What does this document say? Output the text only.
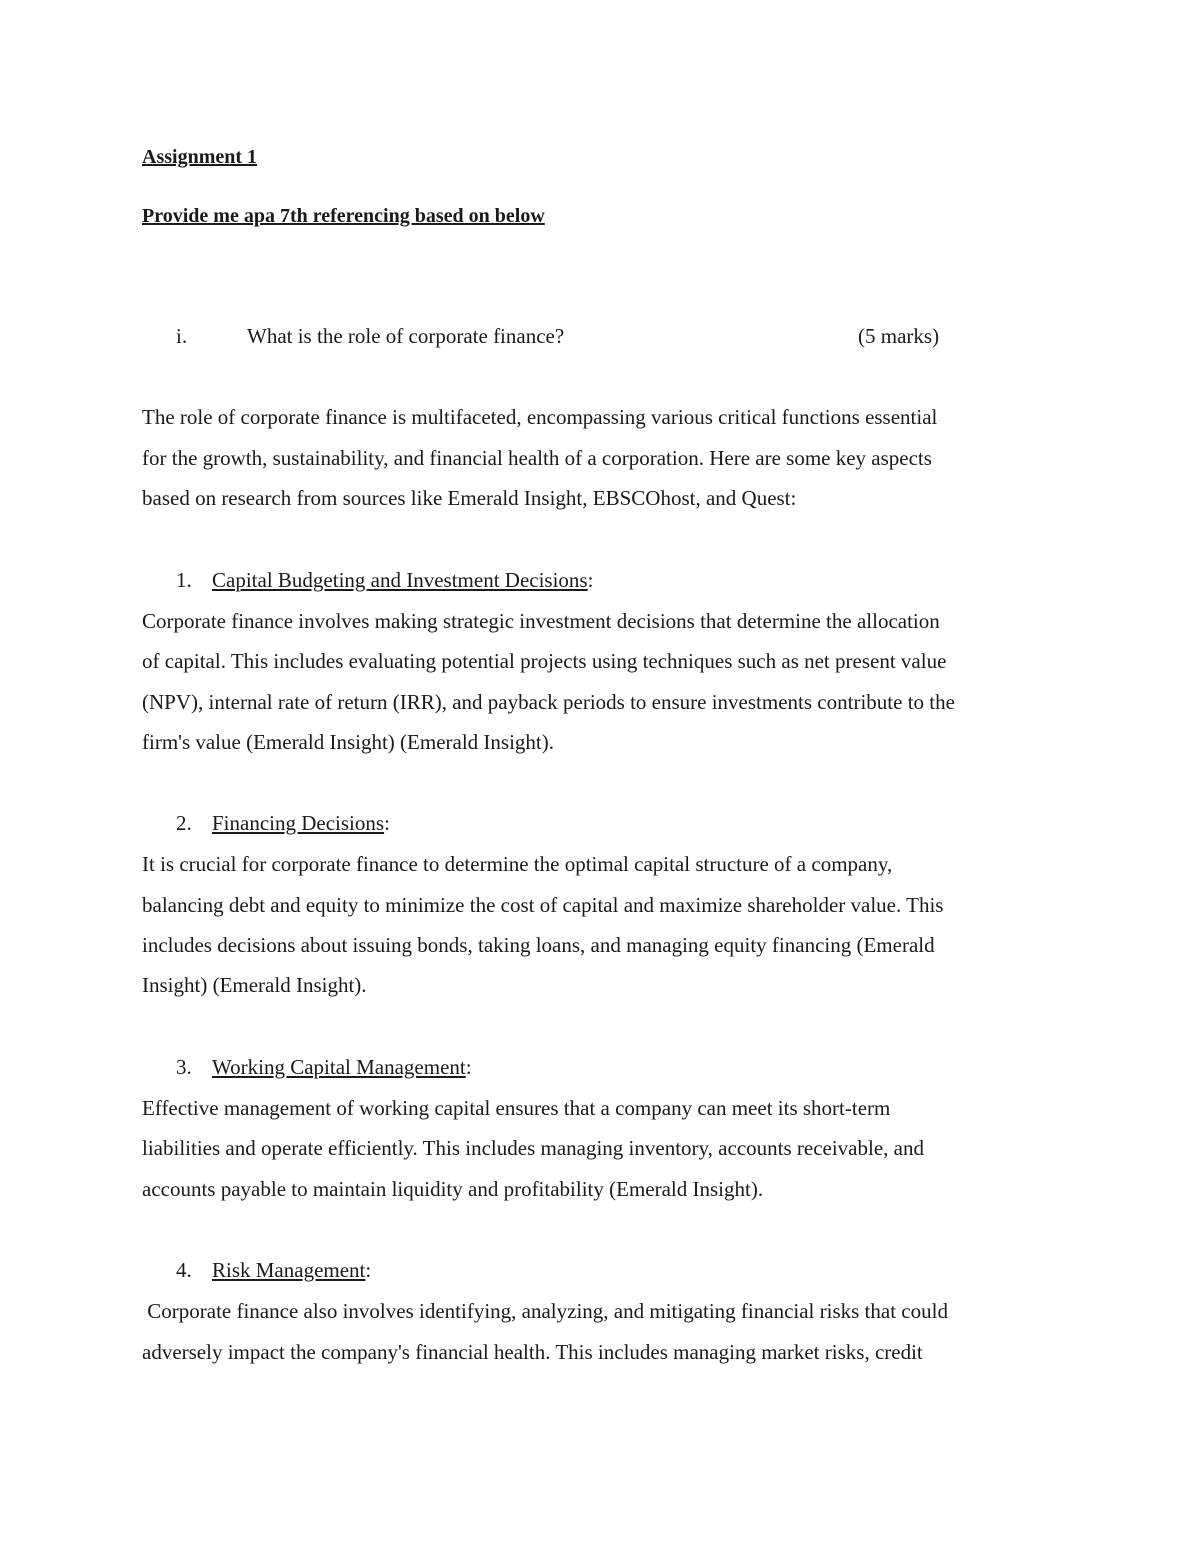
Assignment 1
Provide me apa 7th referencing based on below
i.	What is the role of corporate finance?	(5 marks)
The role of corporate finance is multifaceted, encompassing various critical functions essential
for the growth, sustainability, and financial health of a corporation. Here are some key aspects
based on research from sources like Emerald Insight, EBSCOhost, and Quest:
1. Capital Budgeting and Investment Decisions:
Corporate finance involves making strategic investment decisions that determine the allocation
of capital. This includes evaluating potential projects using techniques such as net present value
(NPV), internal rate of return (IRR), and payback periods to ensure investments contribute to the
firm's value (Emerald Insight) (Emerald Insight).
2. Financing Decisions:
It is crucial for corporate finance to determine the optimal capital structure of a company,
balancing debt and equity to minimize the cost of capital and maximize shareholder value. This
includes decisions about issuing bonds, taking loans, and managing equity financing (Emerald
Insight) (Emerald Insight).
3. Working Capital Management:
Effective management of working capital ensures that a company can meet its short-term
liabilities and operate efficiently. This includes managing inventory, accounts receivable, and
accounts payable to maintain liquidity and profitability (Emerald Insight).
4. Risk Management:
Corporate finance also involves identifying, analyzing, and mitigating financial risks that could
adversely impact the company's financial health. This includes managing market risks, credit
